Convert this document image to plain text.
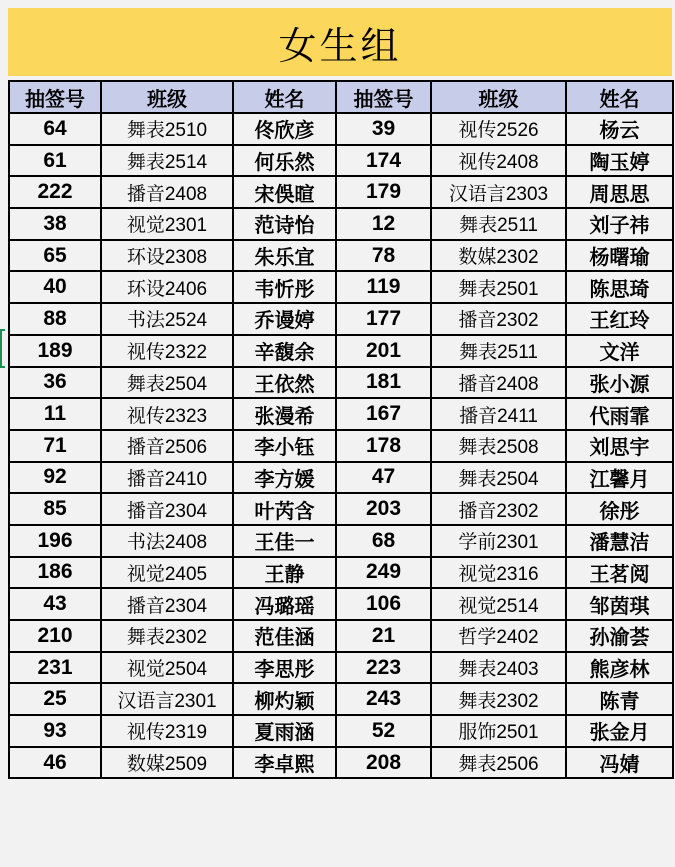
女生组
抽签号	班级	姓名	抽签号	班级	姓名
64	舞表2510	佟欣彦	39	视传2526	杨云
61	舞表2514	何乐然	174	视传2408	陶玉婷
222	播音2408	宋俁暄	179	汉语言2303	周思思
38	视觉2301	范诗怡	12	舞表2511	刘子祎
65	环设2308	朱乐宜	78	数媒2302	杨曙瑜
40	环设2406	韦忻彤	119	舞表2501	陈思琦
88	书法2524	乔谩婷	177	播音2302	王红玲
189	视传2322	辛馥余	201	舞表2511	文洋
36	舞表2504	王依然	181	播音2408	张小源
11	视传2323	张漫希	167	播音2411	代雨霏
71	播音2506	李小钰	178	舞表2508	刘思宇
92	播音2410	李方媛	47	舞表2504	江馨月
85	播音2304	叶芮含	203	播音2302	徐彤
196	书法2408	王佳一	68	学前2301	潘慧洁
186	视觉2405	王静	249	视觉2316	王茗阅
43	播音2304	冯璐瑶	106	视觉2514	邹茵琪
210	舞表2302	范佳涵	21	哲学2402	孙渝荟
231	视觉2504	李思彤	223	舞表2403	熊彦林
25	汉语言2301	柳灼颖	243	舞表2302	陈青
93	视传2319	夏雨涵	52	服饰2501	张金月
46	数媒2509	李卓熙	208	舞表2506	冯婧
